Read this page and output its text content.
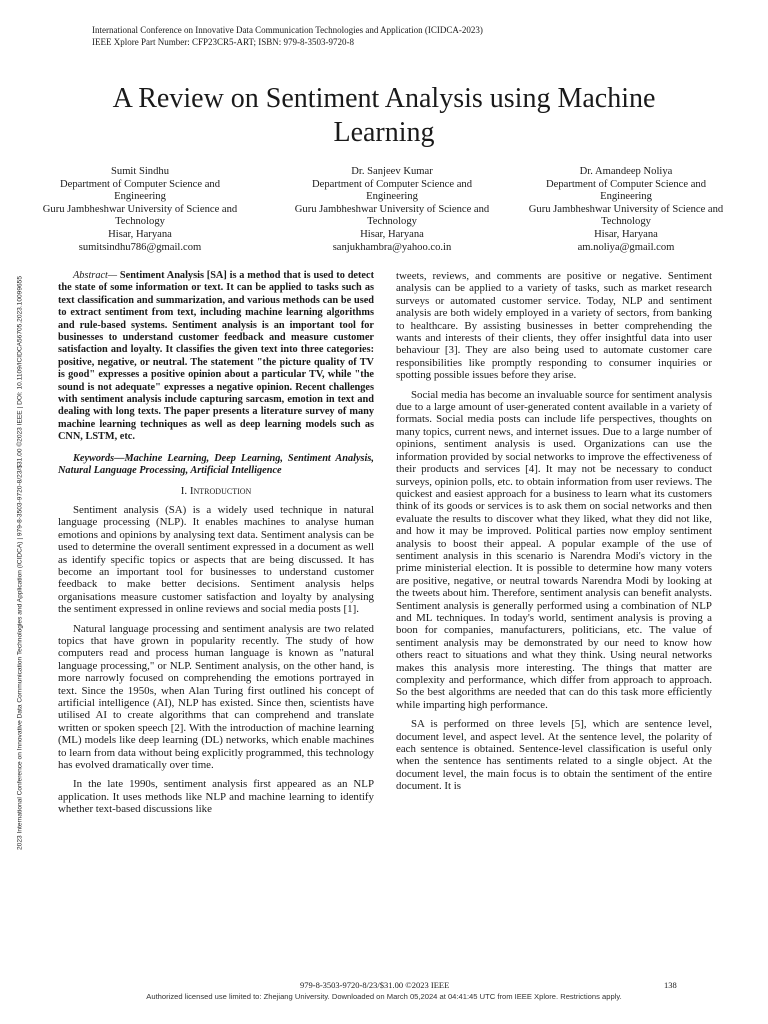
International Conference on Innovative Data Communication Technologies and Application (ICIDCA-2023)
IEEE Xplore Part Number: CFP23CR5-ART; ISBN: 979-8-3503-9720-8
2023 International Conference on Innovative Data Communication Technologies and Application (ICIDCA) | 979-8-3503-9720-8/23/$31.00 ©2023 IEEE | DOI: 10.1109/ICIDCA56705.2023.10099655
A Review on Sentiment Analysis using Machine Learning
Sumit Sindhu
Department of Computer Science and Engineering
Guru Jambheshwar University of Science and Technology
Hisar, Haryana
sumitsindhu786@gmail.com
Dr. Sanjeev Kumar
Department of Computer Science and Engineering
Guru Jambheshwar University of Science and Technology
Hisar, Haryana
sanjukhambra@yahoo.co.in
Dr. Amandeep Noliya
Department of Computer Science and Engineering
Guru Jambheshwar University of Science and Technology
Hisar, Haryana
am.noliya@gmail.com

Abstract— Sentiment Analysis [SA] is a method that is used to detect the state of some information or text. It can be applied to tasks such as text classification and summarization, and various methods can be used to extract sentiment from text, including machine learning algorithms and rule-based systems. Sentiment analysis is an important tool for businesses to understand customer feedback and measure customer satisfaction and loyalty. It classifies the given text into three categories: positive, negative, or neutral. The statement "the picture quality of TV is good" expresses a positive opinion about a particular TV, while "the sound is not adequate" expresses a negative opinion. Recent challenges with sentiment analysis include capturing sarcasm, emotion in text and dealing with long texts. The paper presents a literature survey of many machine learning techniques as well as deep learning models such as CNN, LSTM, etc.

Keywords—Machine Learning, Deep Learning, Sentiment Analysis, Natural Language Processing, Artificial Intelligence

I. Introduction

Sentiment analysis (SA) is a widely used technique in natural language processing (NLP). It enables machines to analyse human emotions and opinions by analysing text data. Sentiment analysis can be used to determine the overall sentiment expressed in a document as well as identify specific topics or aspects that are being discussed. It has become an important tool for businesses to understand customer feedback to make better decisions. Sentiment analysis helps organisations measure customer satisfaction and loyalty by analysing the sentiment expressed in online reviews and social media posts [1].

Natural language processing and sentiment analysis are two related topics that have grown in popularity recently. The study of how computers read and process human language is known as "natural language processing," or NLP. Sentiment analysis, on the other hand, is more narrowly focused on comprehending the emotions portrayed in text. Since the 1950s, when Alan Turing first outlined his concept of artificial intelligence (AI), NLP has existed. Since then, scientists have utilised AI to create algorithms that can comprehend and translate written or spoken speech [2]. With the introduction of machine learning (ML) models like deep learning (DL) networks, which enable machines to learn from data without being explicitly programmed, this technology has evolved dramatically over time.

In the late 1990s, sentiment analysis first appeared as an NLP application. It uses methods like NLP and machine learning to identify whether text-based discussions like

tweets, reviews, and comments are positive or negative. Sentiment analysis can be applied to a variety of tasks, such as market research surveys or automated customer service. Today, NLP and sentiment analysis are both widely employed in a variety of sectors, from banking to healthcare. By assisting businesses in better comprehending the wants and interests of their clients, they offer insightful data into user behaviour [3]. They are also being used to automate customer care responsibilities like promptly responding to consumer inquiries or spotting possible issues before they arise.

Social media has become an invaluable source for sentiment analysis due to a large amount of user-generated content available in a variety of formats. Social media posts can include life perspectives, thoughts on many topics, current news, and internet issues. Due to a large number of opinions, sentiment analysis is used. Organizations can use the information provided by social networks to improve the effectiveness of their products and services [4]. It may not be necessary to conduct surveys, opinion polls, etc. to obtain information from user reviews. The quickest and easiest approach for a business to learn what its customers think of its goods or services is to ask them on social networks and then evaluate the results to discover what they liked, what they did not like, and how it may be improved. Political parties now employ sentiment analysis to boost their appeal. A popular example of the use of sentiment analysis in this scenario is Narendra Modi's victory in the prime ministerial election. It is possible to determine how many voters are positive, negative, or neutral towards Narendra Modi by looking at the tweets about him. Therefore, sentiment analysis can benefit analysts. Sentiment analysis is generally performed using a combination of NLP and ML techniques. In today's world, sentiment analysis is proving a boon for companies, manufacturers, politicians, etc. The value of sentiment analysis may be demonstrated by our need to know how others react to situations and what they think. Using neural networks makes this analysis more interesting. The things that matter are complexity and performance, which differ from approach to approach. So the best algorithms are needed that can do this task more efficiently while imparting high performance.

SA is performed on three levels [5], which are sentence level, document level, and aspect level. At the sentence level, the polarity of each sentence is obtained. Sentence-level classification is useful only when the sentence has sentiments related to a single object. At the document level, the main focus is to obtain the sentiment of the entire document. It is

979-8-3503-9720-8/23/$31.00 ©2023 IEEE	138
Authorized licensed use limited to: Zhejiang University. Downloaded on March 05,2024 at 04:41:45 UTC from IEEE Xplore. Restrictions apply.
